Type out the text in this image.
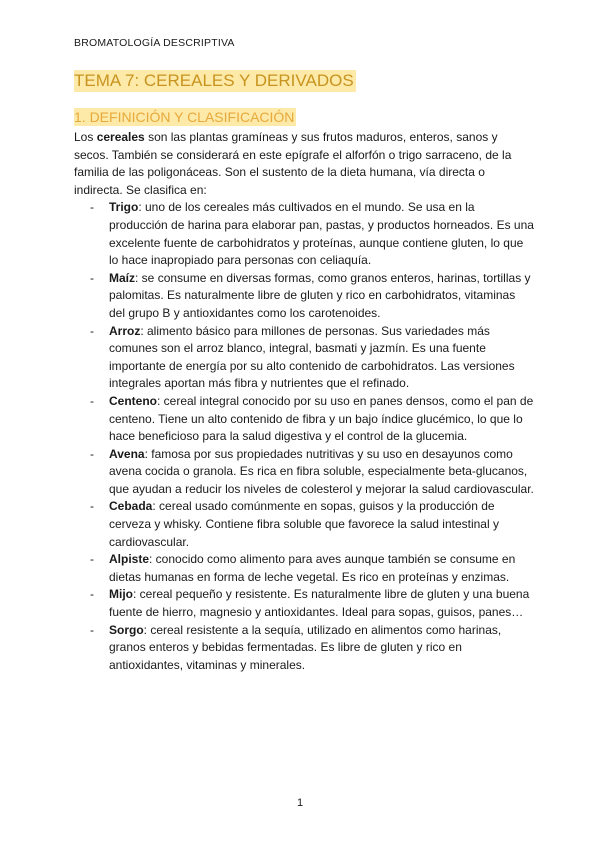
BROMATOLOGÍA DESCRIPTIVA
TEMA 7: CEREALES Y DERIVADOS
1. DEFINICIÓN Y CLASIFICACIÓN

Los cereales son las plantas gramíneas y sus frutos maduros, enteros, sanos y secos. También se considerará en este epígrafe el alforfón o trigo sarraceno, de la familia de las poligonáceas. Son el sustento de la dieta humana, vía directa o indirecta. Se clasifica en:

- Trigo: uno de los cereales más cultivados en el mundo. Se usa en la producción de harina para elaborar pan, pastas, y productos horneados. Es una excelente fuente de carbohidratos y proteínas, aunque contiene gluten, lo que lo hace inapropiado para personas con celiaquía.
- Maíz: se consume en diversas formas, como granos enteros, harinas, tortillas y palomitas. Es naturalmente libre de gluten y rico en carbohidratos, vitaminas del grupo B y antioxidantes como los carotenoides.
- Arroz: alimento básico para millones de personas. Sus variedades más comunes son el arroz blanco, integral, basmati y jazmín. Es una fuente importante de energía por su alto contenido de carbohidratos. Las versiones integrales aportan más fibra y nutrientes que el refinado.
- Centeno: cereal integral conocido por su uso en panes densos, como el pan de centeno. Tiene un alto contenido de fibra y un bajo índice glucémico, lo que lo hace beneficioso para la salud digestiva y el control de la glucemia.
- Avena: famosa por sus propiedades nutritivas y su uso en desayunos como avena cocida o granola. Es rica en fibra soluble, especialmente beta-glucanos, que ayudan a reducir los niveles de colesterol y mejorar la salud cardiovascular.
- Cebada: cereal usado comúnmente en sopas, guisos y la producción de cerveza y whisky. Contiene fibra soluble que favorece la salud intestinal y cardiovascular.
- Alpiste: conocido como alimento para aves aunque también se consume en dietas humanas en forma de leche vegetal. Es rico en proteínas y enzimas.
- Mijo: cereal pequeño y resistente. Es naturalmente libre de gluten y una buena fuente de hierro, magnesio y antioxidantes. Ideal para sopas, guisos, panes…
- Sorgo: cereal resistente a la sequía, utilizado en alimentos como harinas, granos enteros y bebidas fermentadas. Es libre de gluten y rico en antioxidantes, vitaminas y minerales.
1
